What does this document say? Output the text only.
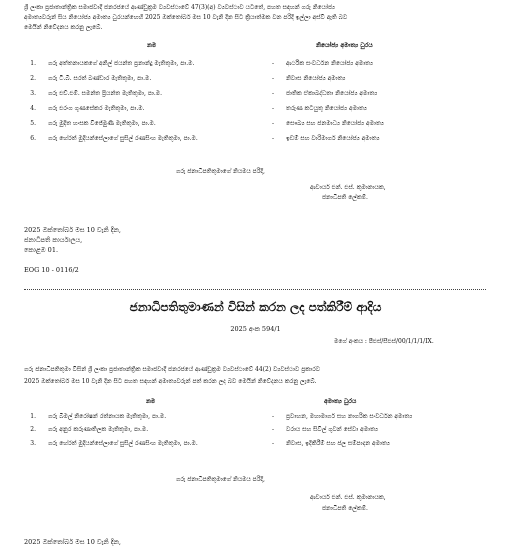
ශ්‍රී ලංකා ප්‍රජාතාන්ත්‍රික සමාජවාදී ජනරජයේ ආණ්ඩුක්‍රම ව්‍යවස්ථාවේ 47(3)(අ) ව්‍යවස්ථාව යටතේ, පහත සඳහන් ගරු නියෝජ්‍ය
අමාත්‍යවරුන් සිය නියෝජ්‍ය අමාත්‍ය ධුරයන්හෙහි 2025 ඔක්තෝබර් මස 10 වැනි දින සිට ක්‍රියාත්මක වන පරිදි ඉල්ලා අස්වී ඇති බව
මෙයින් නිවේදනය කරනු ලැබේ.
නම	නියෝජ්‍ය අමාත්‍ය ධුරය
1. ගරු අත්තනායකගේ අනිල් ජයන්ත ප්‍රනාන්දු මැතිතුමා, පා.ම.	- ආර්ථික සංවර්ධන නියෝජ්‍ය අමාත්‍ය
2. ගරු ටී.බී. සරත් බණ්ඩාර මැතිතුමා, පා.ම.	- නිවාස නියෝජ්‍ය අමාත්‍ය
3. ගරු එච්.එම්. සමන්ත ප්‍රියන්ත මැතිතුමා, පා.ම.	- ජාතික ඒකාබද්ධතා නියෝජ්‍ය අමාත්‍ය
4. ගරු එරංග ගුණසේකර මැතිතුමා, පා.ම.	- තරුණ කටයුතු නියෝජ්‍ය අමාත්‍ය
5. ගරු මුදිත හංසක විජේමුණි මැතිතුමා, පා.ම.	- සෞඛ්‍ය සහ ජනමාධ්‍ය නියෝජ්‍ය අමාත්‍ය
6. ගරු හේරත් මුදියන්සේලාගේ සුසිල් රණසිංහ මැතිතුමා, පා.ම.	- ඉඩම් සහ වාරිමාර්ග නියෝජ්‍ය අමාත්‍ය
ගරු ජනාධිපතිතුමාගේ නියමය පරිදි,
ආචාර්ය එන්. එස්. කුමානායක,
ජනාධිපති ලේකම්.
2025 ඔක්තෝබර් මස 10 වැනි දින,
ජනාධිපති කාර්යාලය,
කොළඹ 01.
EOG 10 - 0116/2
ජනාධිපතිතුමාණන් විසින් කරන ලද පත්කිරීම් ආදිය
2025 අංක 594/1
මගේ අංකය : පීඑස්/සීඑස්/00/1/1/1/IX.
ගරු ජනාධිපතිතුමා විසින් ශ්‍රී ලංකා ප්‍රජාතාන්ත්‍රික සමාජවාදී ජනරජයේ ආණ්ඩුක්‍රම ව්‍යවස්ථාවේ 44(2) ව්‍යවස්ථාව ප්‍රකාරව
2025 ඔක්තෝබර් මස 10 වැනි දින සිට පහත සඳහන් අමාත්‍යවරුන් පත් කරන ලද බව මෙයින් නිවේදනය කරනු ලැබේ.
නම	අමාත්‍ය ධුරය
1. ගරු බිමල් නිරෝෂන් රත්නායක මැතිතුමා, පා.ම.	- ප්‍රවාහන, මහාමාර්ග සහ නාගරික සංවර්ධන අමාත්‍ය
2. ගරු අනුර කරුණාතිලක මැතිතුමා, පා.ම.	- වරාය සහ සිවිල් ගුවන් සේවා අමාත්‍ය
3. ගරු හේරත් මුදියන්සේලාගේ සුසිල් රණසිංහ මැතිතුමා, පා.ම.	- නිවාස, ඉදිකිරීම් සහ ජල සම්පාදන අමාත්‍ය
ගරු ජනාධිපතිතුමාගේ නියමය පරිදි,
ආචාර්ය එන්. එස්. කුමානායක,
ජනාධිපති ලේකම්.
2025 ඔක්තෝබර් මස 10 වැනි දින,
